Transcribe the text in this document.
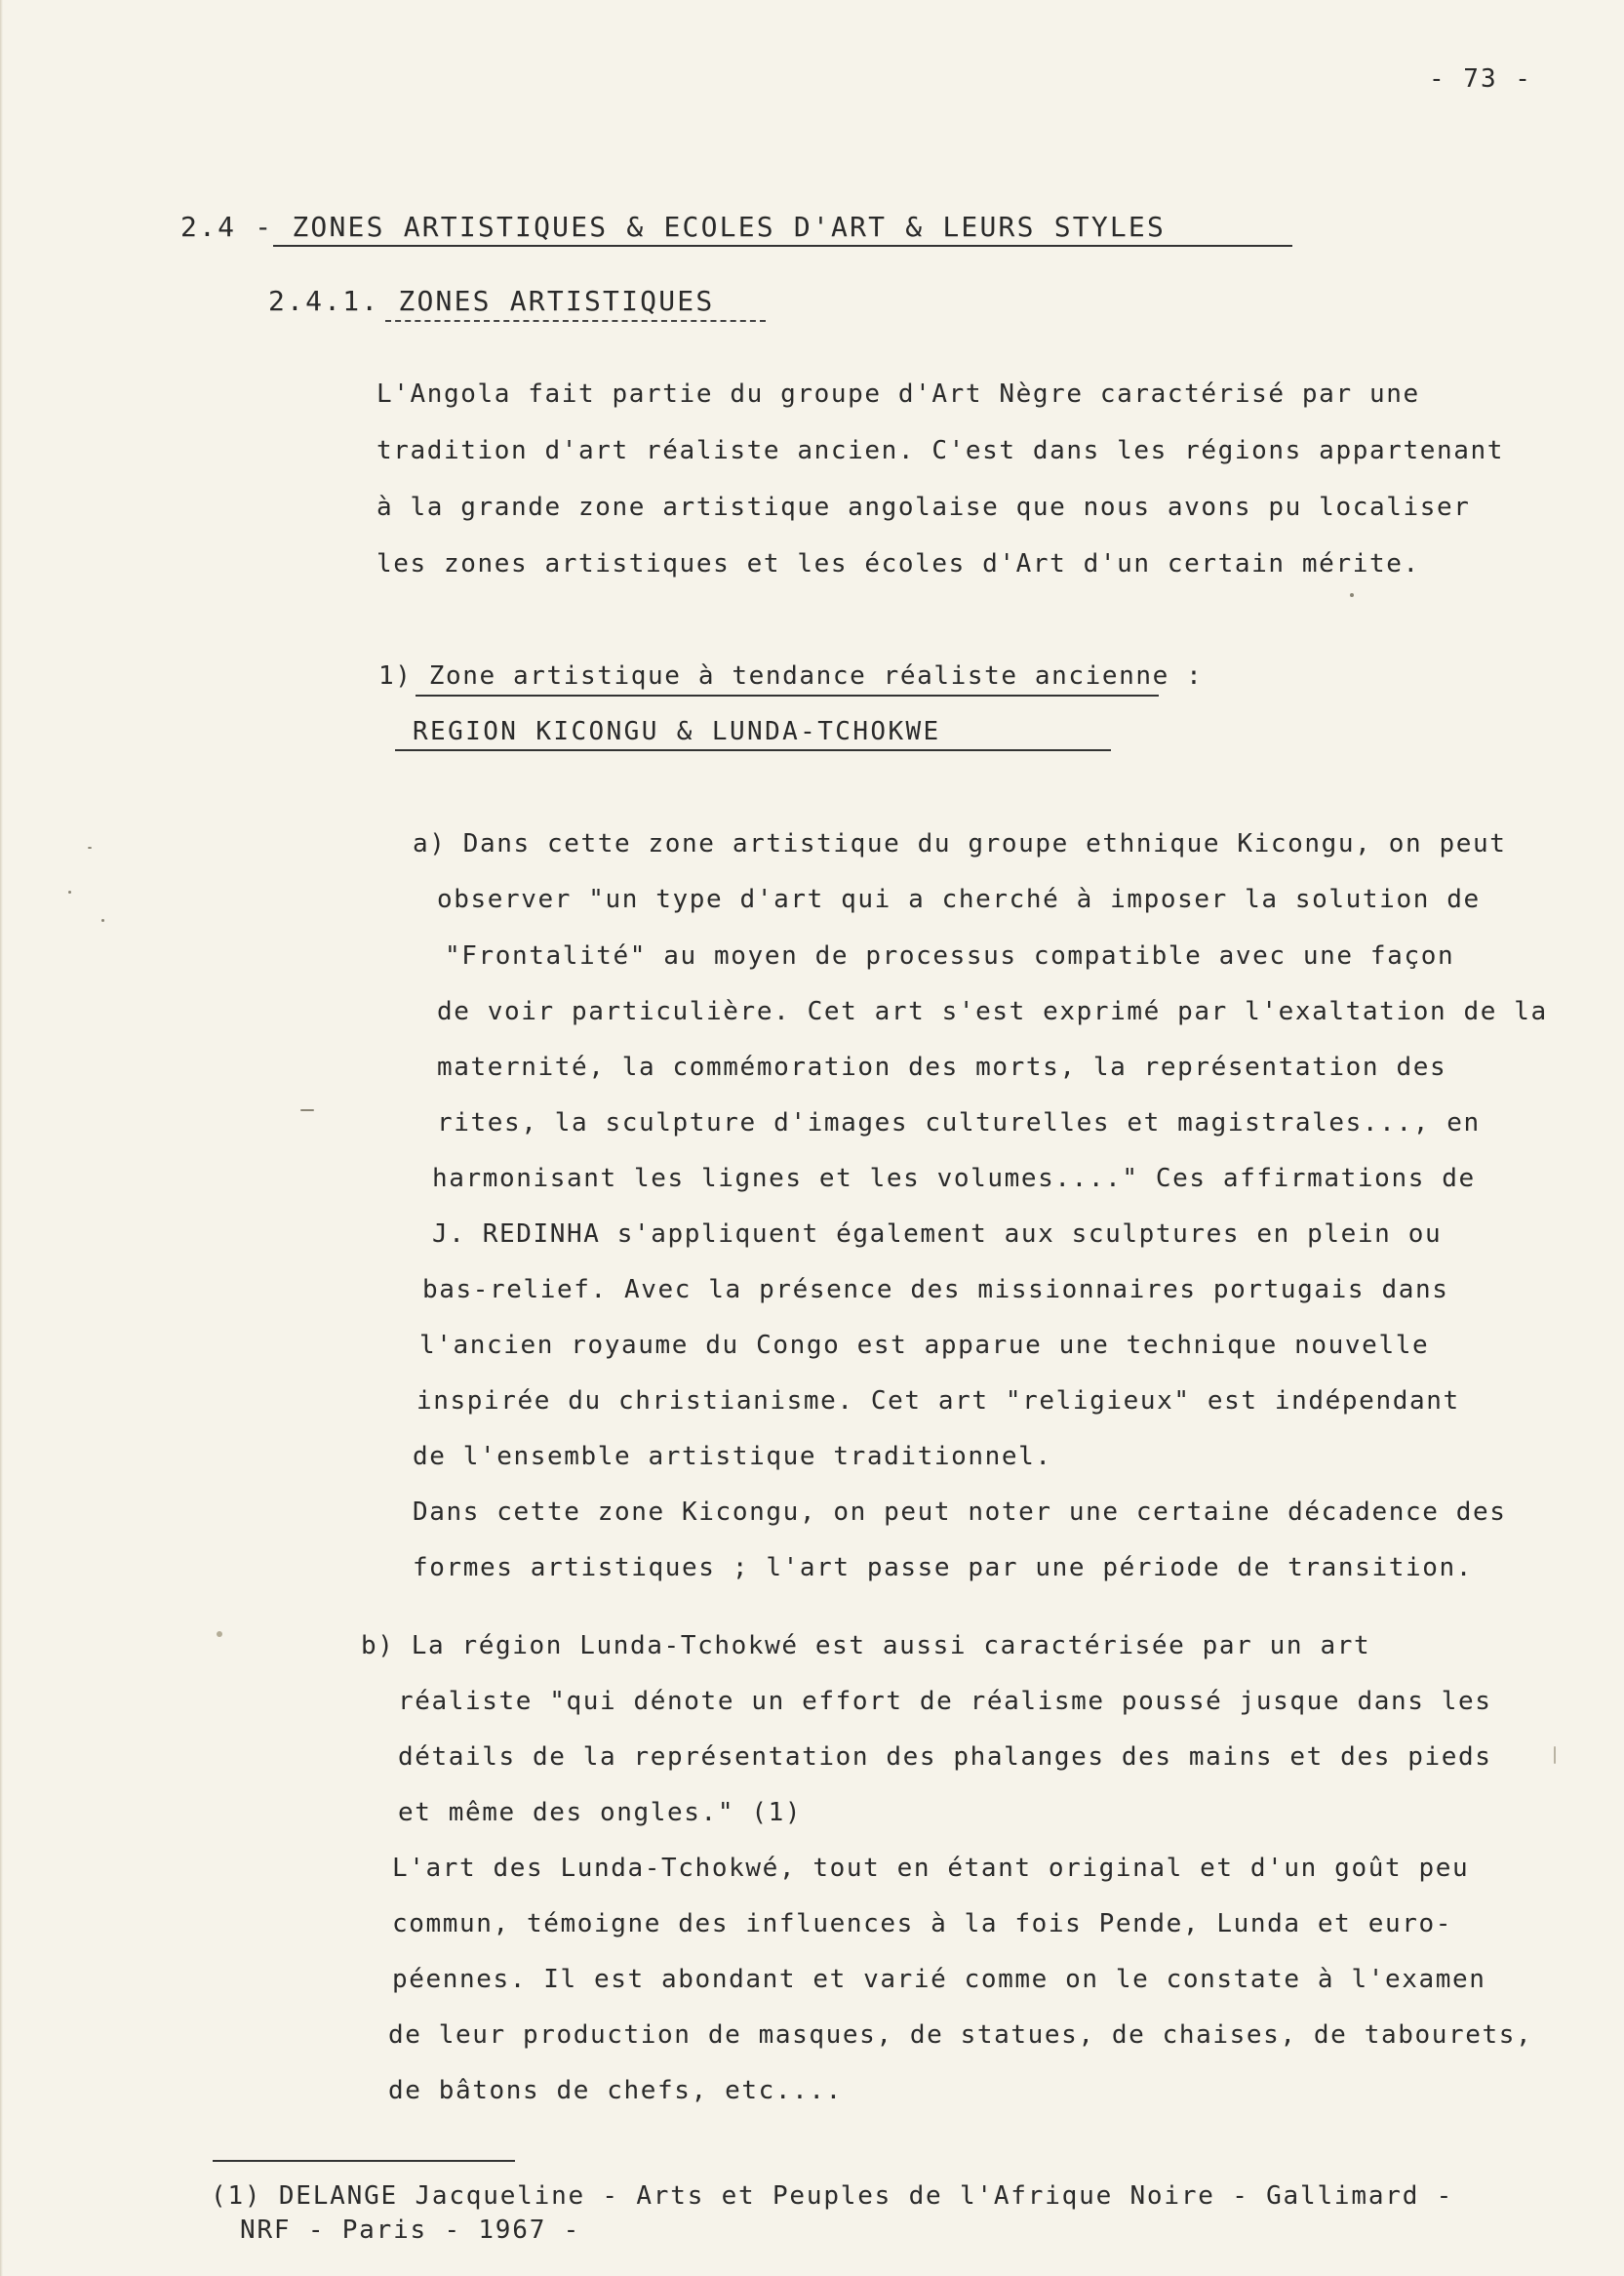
- 73 -
2.4 - ZONES ARTISTIQUES & ECOLES D'ART & LEURS STYLES
2.4.1. ZONES ARTISTIQUES
L'Angola fait partie du groupe d'Art Nègre caractérisé par une
tradition d'art réaliste ancien. C'est dans les régions appartenant
à la grande zone artistique angolaise que nous avons pu localiser
les zones artistiques et les écoles d'Art d'un certain mérite.
1) Zone artistique à tendance réaliste ancienne :
REGION KICONGU & LUNDA-TCHOKWE
a) Dans cette zone artistique du groupe ethnique Kicongu, on peut
observer "un type d'art qui a cherché à imposer la solution de
"Frontalité" au moyen de processus compatible avec une façon
de voir particulière. Cet art s'est exprimé par l'exaltation de la
maternité, la commémoration des morts, la représentation des
rites, la sculpture d'images culturelles et magistrales..., en
harmonisant les lignes et les volumes...." Ces affirmations de
J. REDINHA s'appliquent également aux sculptures en plein ou
bas-relief. Avec la présence des missionnaires portugais dans
l'ancien royaume du Congo est apparue une technique nouvelle
inspirée du christianisme. Cet art "religieux" est indépendant
de l'ensemble artistique traditionnel.
Dans cette zone Kicongu, on peut noter une certaine décadence des
formes artistiques ; l'art passe par une période de transition.
b) La région Lunda-Tchokwé est aussi caractérisée par un art
réaliste "qui dénote un effort de réalisme poussé jusque dans les
détails de la représentation des phalanges des mains et des pieds
et même des ongles." (1)
L'art des Lunda-Tchokwé, tout en étant original et d'un goût peu
commun, témoigne des influences à la fois Pende, Lunda et euro-
péennes. Il est abondant et varié comme on le constate à l'examen
de leur production de masques, de statues, de chaises, de tabourets,
de bâtons de chefs, etc....
(1) DELANGE Jacqueline - Arts et Peuples de l'Afrique Noire - Gallimard -
NRF - Paris - 1967 -
